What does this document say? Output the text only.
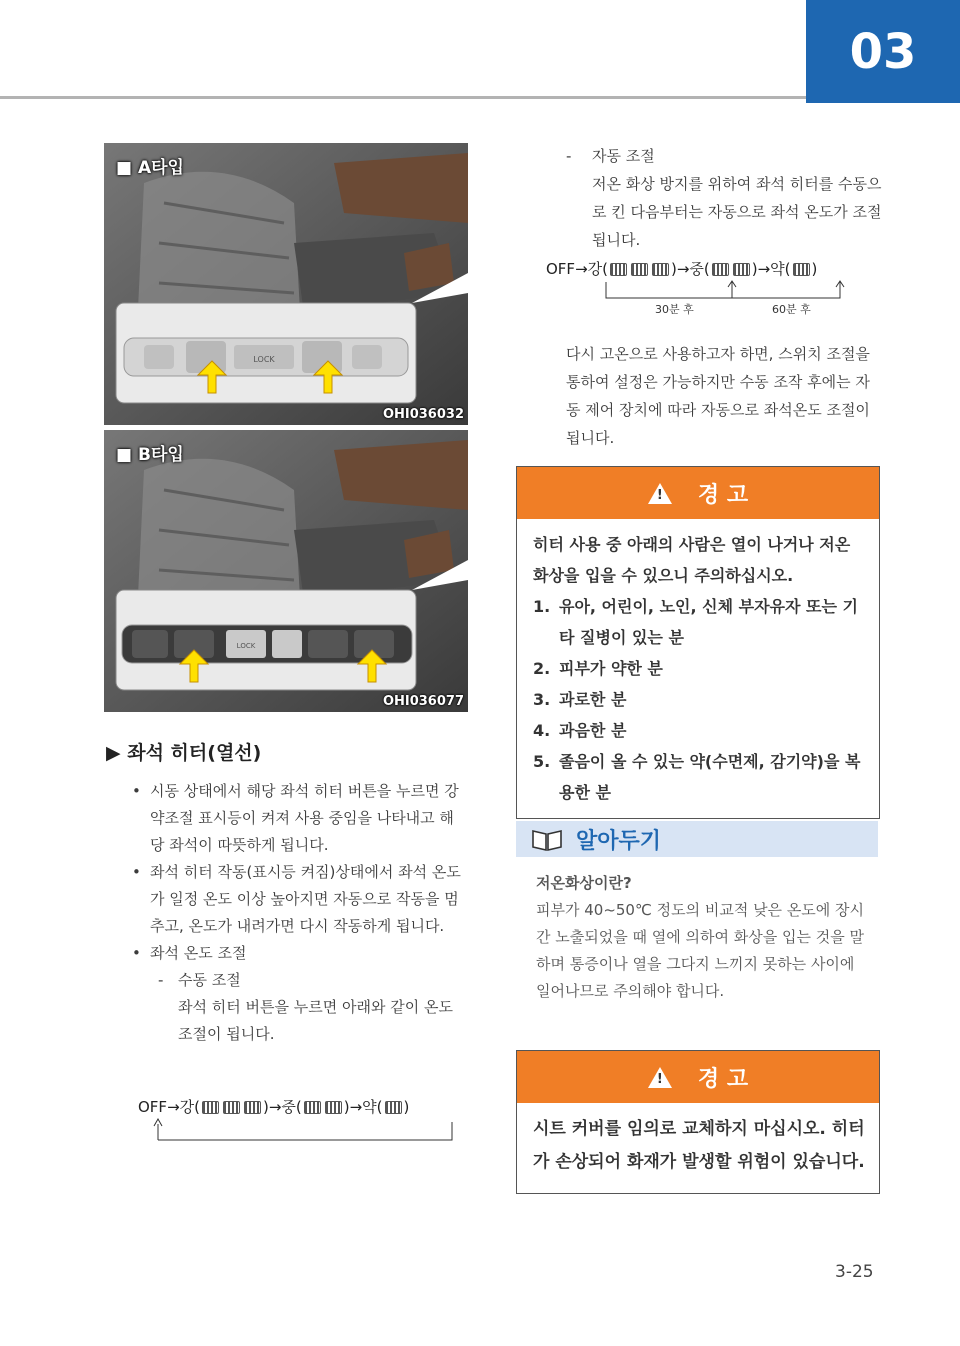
03
LOCK
■ A타입
OHI036032
LOCK
■ B타입
OHI036077
▶ 좌석 히터(열선)
• 시동 상태에서 해당 좌석 히터 버튼을 누르면 강약조절 표시등이 켜져 사용 중임을 나타내고 해당 좌석이 따뜻하게 됩니다.
• 좌석 히터 작동(표시등 켜짐)상태에서 좌석 온도가 일정 온도 이상 높아지면 자동으로 작동을 멈추고, 온도가 내려가면 다시 작동하게 됩니다.
• 좌석 온도 조절
- 수동 조절
좌석 히터 버튼을 누르면 아래와 같이 온도 조절이 됩니다.
OFF→강(	)→중(	)→약( )
- 자동 조절
저온 화상 방지를 위하여 좌석 히터를 수동으로 킨 다음부터는 자동으로 좌석 온도가 조절 됩니다.
OFF→강(	)→중(	)→약( )
30분 후	60분 후
다시 고온으로 사용하고자 하면, 스위치 조절을 통하여 설정은 가능하지만 수동 조작 후에는 자동 제어 장치에 따라 자동으로 좌석온도 조절이 됩니다.
! 경 고
히터 사용 중 아래의 사람은 열이 나거나 저온화상을 입을 수 있으니 주의하십시오.
1. 유아, 어린이, 노인, 신체 부자유자 또는 기타 질병이 있는 분
2. 피부가 약한 분
3. 과로한 분
4. 과음한 분
5. 졸음이 올 수 있는 약(수면제, 감기약)을 복용한 분
알아두기
저온화상이란?
피부가 40~50℃ 정도의 비교적 낮은 온도에 장시간 노출되었을 때 열에 의하여 화상을 입는 것을 말하며 통증이나 열을 그다지 느끼지 못하는 사이에 일어나므로 주의해야 합니다.
! 경 고
시트 커버를 임의로 교체하지 마십시오. 히터가 손상되어 화재가 발생할 위험이 있습니다.
3-25
